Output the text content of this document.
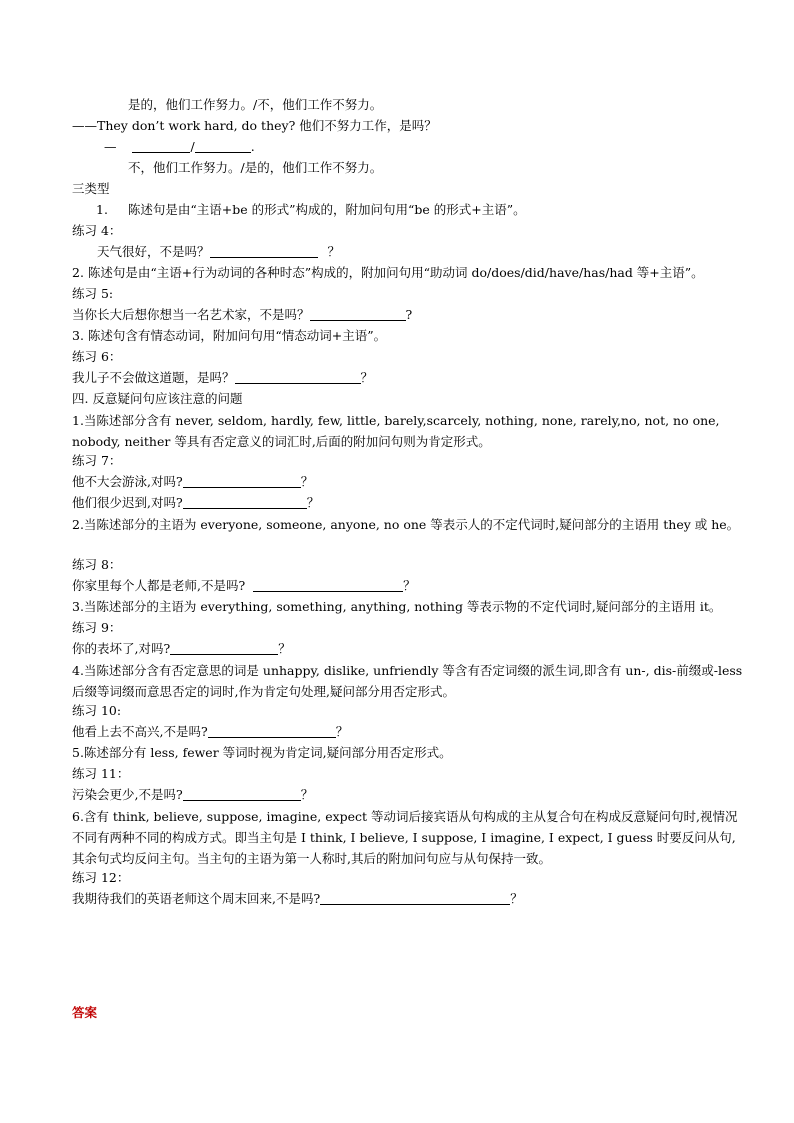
是的，他们工作努力。/不，他们工作不努力。
——They don’t work hard, do they? 他们不努力工作，是吗？
—	/	.
不，他们工作努力。/是的，他们工作不努力。
三类型
1. 陈述句是由“主语+be 的形式”构成的，附加问句用“be 的形式+主语”。
练习 4：
天气很好，不是吗？	？
2. 陈述句是由“主语+行为动词的各种时态”构成的，附加问句用“助动词 do/does/did/have/has/had 等+主语”。
练习 5:
当你长大后想你想当一名艺术家，不是吗？	?
3. 陈述句含有情态动词，附加问句用“情态动词+主语”。
练习 6：
我儿子不会做这道题，是吗？	？
四. 反意疑问句应该注意的问题
1.当陈述部分含有 never, seldom, hardly, few, little, barely,scarcely, nothing, none, rarely,no, not, no one, nobody, neither 等具有否定意义的词汇时,后面的附加问句则为肯定形式。
练习 7：
他不大会游泳,对吗?	？
他们很少迟到,对吗?	？
2.当陈述部分的主语为 everyone, someone, anyone, no one 等表示人的不定代词时,疑问部分的主语用 they 或 he。
练习 8：
你家里每个人都是老师,不是吗?	？
3.当陈述部分的主语为 everything, something, anything, nothing 等表示物的不定代词时,疑问部分的主语用 it。
练习 9：
你的表坏了,对吗?	？
4.当陈述部分含有否定意思的词是 unhappy, dislike, unfriendly 等含有否定词缀的派生词,即含有 un-, dis-前缀或-less 后缀等词缀而意思否定的词时,作为肯定句处理,疑问部分用否定形式。
练习 10:
他看上去不高兴,不是吗?	？
5.陈述部分有 less, fewer 等词时视为肯定词,疑问部分用否定形式。
练习 11：
污染会更少,不是吗?	？
6.含有 think, believe, suppose, imagine, expect 等动词后接宾语从句构成的主从复合句在构成反意疑问句时,视情况不同有两种不同的构成方式。即当主句是 I think, I believe, I suppose, I imagine, I expect, I guess 时要反问从句,其余句式均反问主句。当主句的主语为第一人称时,其后的附加问句应与从句保持一致。
练习 12：
我期待我们的英语老师这个周末回来,不是吗?	？
答案
